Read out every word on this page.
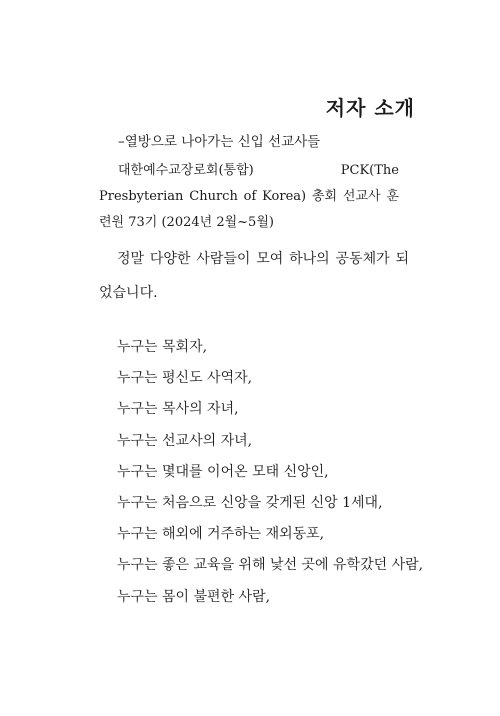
저자 소개
–열방으로 나아가는 신입 선교사들
대한예수교장로회(통합) PCK(The Presbyterian Church of Korea) 총회 선교사 훈련원 73기 (2024년 2월~5월)
정말 다양한 사람들이 모여 하나의 공동체가 되었습니다.
누구는 목회자,
누구는 평신도 사역자,
누구는 목사의 자녀,
누구는 선교사의 자녀,
누구는 몇대를 이어온 모태 신앙인,
누구는 처음으로 신앙을 갖게된 신앙 1세대,
누구는 해외에 거주하는 재외동포,
누구는 좋은 교육을 위해 낯선 곳에 유학갔던 사람,
누구는 몸이 불편한 사람,
